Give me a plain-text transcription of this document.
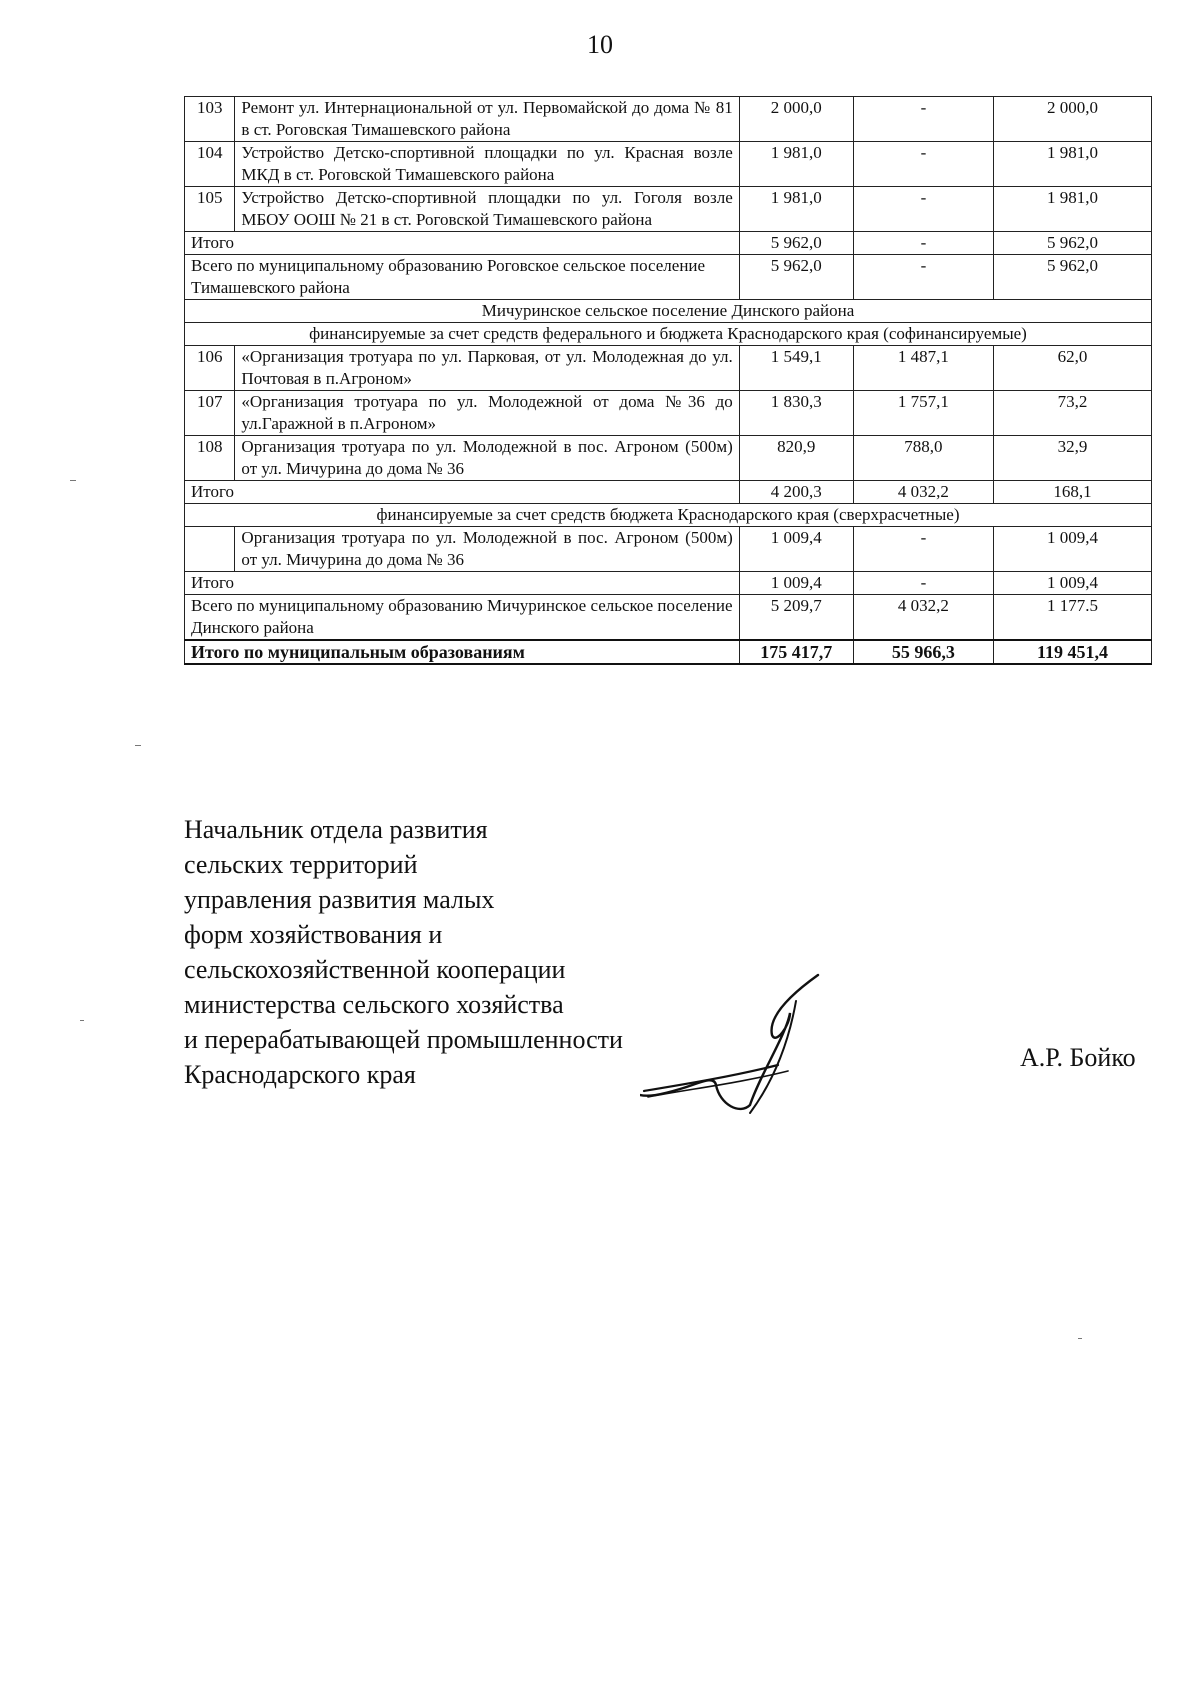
10
103	Ремонт ул. Интернациональной от ул. Первомайской до дома № 81 в ст. Роговская Тимашевского района	2 000,0	-	2 000,0
104	Устройство Детско-спортивной площадки по ул. Красная возле МКД в ст. Роговской Тимашевского района	1 981,0	-	1 981,0
105	Устройство Детско-спортивной площадки по ул. Гоголя возле МБОУ ООШ № 21 в ст. Роговской Тимашевского района	1 981,0	-	1 981,0
Итого		5 962,0	-	5 962,0
Всего по муниципальному образованию Роговское сельское поселение Тимашевского района		5 962,0	-	5 962,0
Мичуринское сельское поселение Динского района				
финансируемые за счет средств федерального и бюджета Краснодарского края (софинансируемые)				
106	«Организация тротуара по ул. Парковая, от ул. Молодежная до ул. Почтовая в п.Агроном»	1 549,1	1 487,1	62,0
107	«Организация тротуара по ул. Молодежной от дома №36 до ул.Гаражной в п.Агроном»	1 830,3	1 757,1	73,2
108	Организация тротуара по ул. Молодежной в пос. Агроном (500м) от ул. Мичурина до дома № 36	820,9	788,0	32,9
Итого		4 200,3	4 032,2	168,1
финансируемые за счет средств бюджета Краснодарского края (сверхрасчетные)				
	Организация тротуара по ул. Молодежной в пос. Агроном (500м) от ул. Мичурина до дома № 36	1 009,4	-	1 009,4
Итого		1 009,4	-	1 009,4
Всего по муниципальному образованию Мичуринское сельское поселение Динского района		5 209,7	4 032,2	1 177.5
Итого по муниципальным образованиям		175 417,7	55 966,3	119 451,4
Начальник отдела развития
сельских территорий
управления развития малых
форм хозяйствования и
сельскохозяйственной кооперации
министерства сельского хозяйства
и перерабатывающей промышленности
Краснодарского края
А.Р. Бойко
